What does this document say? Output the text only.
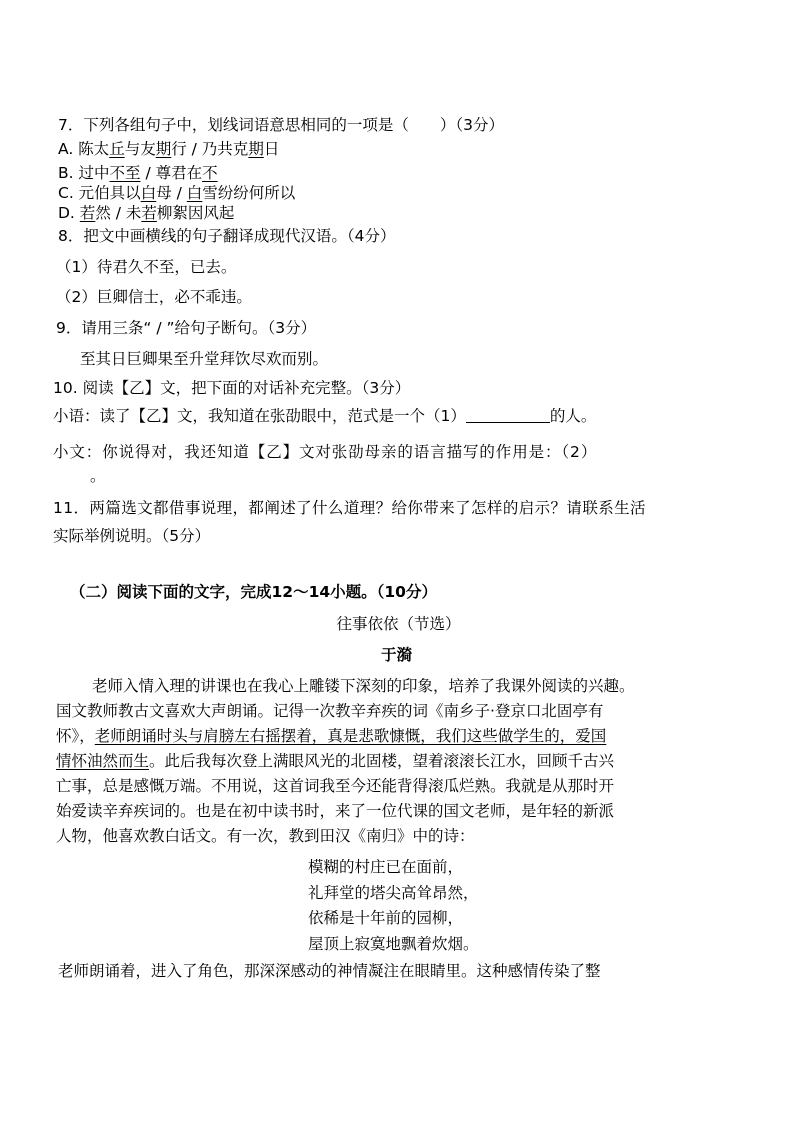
7．下列各组句子中，划线词语意思相同的一项是（　　）（3分）
A. 陈太丘与友期行 / 乃共克期日
B. 过中不至 / 尊君在不
C. 元伯具以白母 / 白雪纷纷何所以
D. 若然 / 未若柳絮因风起
8．把文中画横线的句子翻译成现代汉语。（4分）
（1）待君久不至，已去。
（2）巨卿信士，必不乖违。
9．请用三条“ / ”给句子断句。（3分）
至其日巨卿果至升堂拜饮尽欢而别。
10. 阅读【乙】文，把下面的对话补充完整。（3分）
小语：读了【乙】文，我知道在张劭眼中，范式是一个（1）	的人。
小文：你说得对，我还知道【乙】文对张劭母亲的语言描写的作用是：（2）
。
11．两篇选文都借事说理，都阐述了什么道理？给你带来了怎样的启示？请联系生活
实际举例说明。（5分）
（二）阅读下面的文字，完成12～14小题。（10分）
往事依依（节选）
于漪
老师入情入理的讲课也在我心上雕镂下深刻的印象，培养了我课外阅读的兴趣。
国文教师教古文喜欢大声朗诵。记得一次教辛弃疾的词《南乡子·登京口北固亭有
怀》，老师朗诵时头与肩膀左右摇摆着，真是悲歌慷慨，我们这些做学生的，爱国
情怀油然而生。此后我每次登上满眼风光的北固楼，望着滚滚长江水，回顾千古兴
亡事，总是感慨万端。不用说，这首词我至今还能背得滚瓜烂熟。我就是从那时开
始爱读辛弃疾词的。也是在初中读书时，来了一位代课的国文老师，是年轻的新派
人物，他喜欢教白话文。有一次，教到田汉《南归》中的诗：
模糊的村庄已在面前，
礼拜堂的塔尖高耸昂然，
依稀是十年前的园柳，
屋顶上寂寞地飘着炊烟。
老师朗诵着，进入了角色，那深深感动的神情凝注在眼睛里。这种感情传染了整
